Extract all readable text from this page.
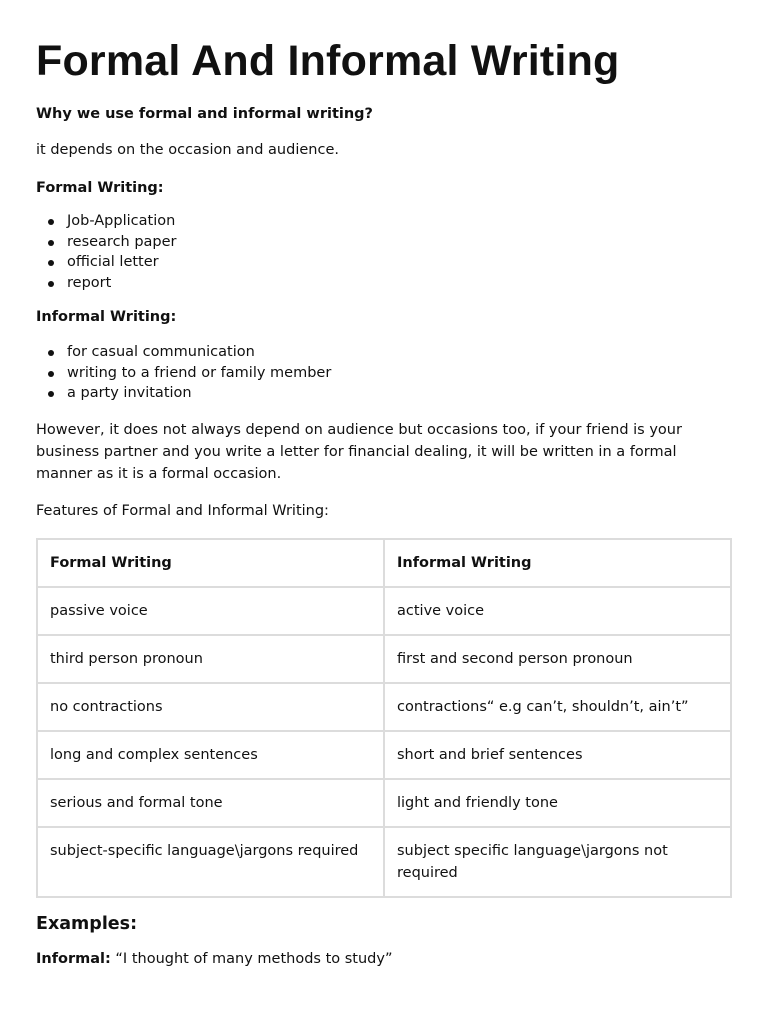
Formal And Informal Writing

Why we use formal and informal writing?

it depends on the occasion and audience.

Formal Writing:

Job-Application
research paper
official letter
report

Informal Writing:

for casual communication
writing to a friend or family member
a party invitation

However, it does not always depend on audience but occasions too, if your friend is your business partner and you write a letter for financial dealing, it will be written in a formal manner as it is a formal occasion.

Features of Formal and Informal Writing:

Formal Writing	Informal Writing
passive voice	active voice
third person pronoun	first and second person pronoun
no contractions	contractions“ e.g can’t, shouldn’t, ain’t”
long and complex sentences	short and brief sentences
serious and formal tone	light and friendly tone
subject-specific language\jargons required	subject specific language\jargons not required

Examples:

Informal: “I thought of many methods to study”
